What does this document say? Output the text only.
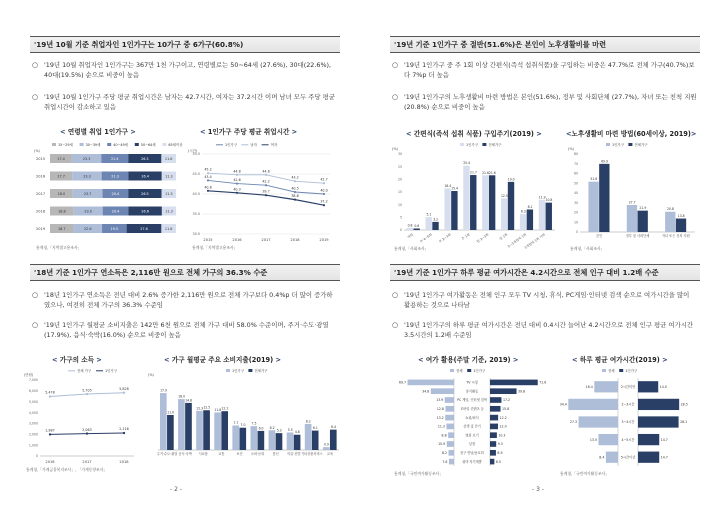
'19년 10월 기준 취업자인 1인가구는 10가구 중 6가구(60.8%)
○ '19년 10월 취업자인 1인가구는 367만 1천 가구이고, 연령별로는 50~64세 (27.6%), 30대(22.6%), 40대(19.5%) 순으로 비중이 높음
○ '19년 10월 1인가구 주당 평균 취업시간은 남자는 42.7시간, 여자는 37.2시간 이며 남녀 모두 주당 평균 취업시간이 감소하고 있음
< 연령별 취업 1인가구 >	< 1인가구 주당 평균 취업시간 >
15~29세	30~39세	40~49세	50~64세	65세이상
(%)
2015	17.4	23.3	21.4	26.3	11.6
2016	17.7	23.3	21.3	26.4	11.3
2017	18.0	23.7	20.4	26.5	11.5
2018	18.8	23.0	20.4	26.6	11.3
2019	18.7	22.6	19.5	27.6	11.6
1인가구	남자	여자
(시간)
30.0
35.0
40.0
45.0
50.0
2015	2016	2017	2018	2019
43.4
42.6	42.2
40.5	40.0
45.2	44.8	44.8
43.2	42.7
40.8	40.3
39.7
38.6
37.2
통계청,「지역별고용조사」	통계청,「지역별고용조사」
'18년 기준 1인가구 연소득은 2,116만 원으로 전체 가구의 36.3% 수준
○ '18년 1인가구 연소득은 전년 대비 2.6% 증가한 2,116만 원으로 전체 가구보다 0.4%p 더 많이 증가하였으나, 여전히 전체 가구의 36.3% 수준임
○ '19년 1인가구 월평균 소비지출은 142만 6천 원으로 전체 가구 대비 58.0% 수준이며, 주거·수도·광열(17.9%), 음식·숙박(16.0%) 순으로 비중이 높음
< 가구의 소득 >	< 가구 월평균 주요 소비지출(2019) >
전체 가구	1인가구
(만원)
0
1,000
2,000
3,000
4,000
5,000
6,000
7,000
2016	2017	2018
5,478
5,705	5,828
1,987	2,063	2,116
1인가구	전체가구
(%)
17.9
11.0
주거·수도·광열
16.0
14.8
음식·숙박
12.3 12.5
식료품
11.8 12.2
교통
7.7
7.0
보건
7.5
6.0
오락·문화
6.2
5.3
통신
5.5
4.8
의류·신발
8.2
6.1
기타상품서비스
0.9
6.4
교육
통계청,「가계금융복지조사」, 「가계동향조사」
- 2 -
'19년 기준 1인가구 중 절반(51.6%)은 본인이 노후생활비를 마련
○ '19년 1인가구 중 주 1회 이상 간편식(즉석 섭취식품)을 구입하는 비중은 47.7%로 전체 가구(40.7%)보다 7%p 더 높음
○ '19년 1인가구의 노후생활비 마련 방법은 본인(51.6%), 정부 및 사회단체 (27.7%), 자녀 또는 친척 지원(20.8%) 순으로 비중이 높음
< 간편식(즉석 섭취 식품) 구입주기(2019) >	<노후생활비 마련 방법(60세이상, 2019)>
1인가구	전체가구
(%)
0
5
10
15
20
25
30
0.8 0.6
매일
5.1
3.2
주 4~6회
16.4
15.4
주 2~3회
25.4
21.7
주 1회
21.6 21.6
월 2~3회
12.5
19.0
월 1회
6.3
8.1
2~3개월에 1회
11.9
10.8
3개월에 1회 이하
1인가구	전체가구
(%)
0
10
20
30
40
50
60
70
80
51.6
69.9
본인
27.7
21.9
정부 및 사회단체
20.8
13.8
자녀 또는 친척 지원
통계청,「사회조사」	통계청,「사회조사」
'19년 기준 1인가구 하루 평균 여가시간은 4.2시간으로 전체 인구 대비 1.2배 수준
○ '19년 1인가구 여가활동은 전체 인구 모두 TV 시청, 휴식, PC게임·인터넷 검색 순으로 여가시간을 많이 활용하는 것으로 나타남
○ '19년 1인가구의 하루 평균 여가시간은 전년 대비 0.4시간 늘어난 4.2시간으로 전체 인구 평균 여가시간 3.5시간의 1.2배 수준임
< 여가 활용(주말 기준, 2019) >	< 하루 평균 여가시간(2019) >
전체	1인가구
TV 시청
69.7	71.6
휴식활동
34.8	39.8
PC 게임, 인터넷 검색
13.9	17.2
모바일 컨텐츠 등
12.8	15.8
쇼핑/외식
13.2	12.2
산책 및 걷기
11.3	12.0
영화 보기
8.8	10.3
낮잠
10.9	9.3
친구 만남/동호회
8.2	8.9
취미·자기계발
7.6	6.5
전체	1인가구
2시간미만
16.4	14.0
2~3시간
34.4	28.5
3~4시간
27.3	28.1
4~5시간
13.5	14.7
5시간이상
8.4	14.7
통계청,「국민여가활동조사」	통계청,「국민여가활동조사」
- 3 -
